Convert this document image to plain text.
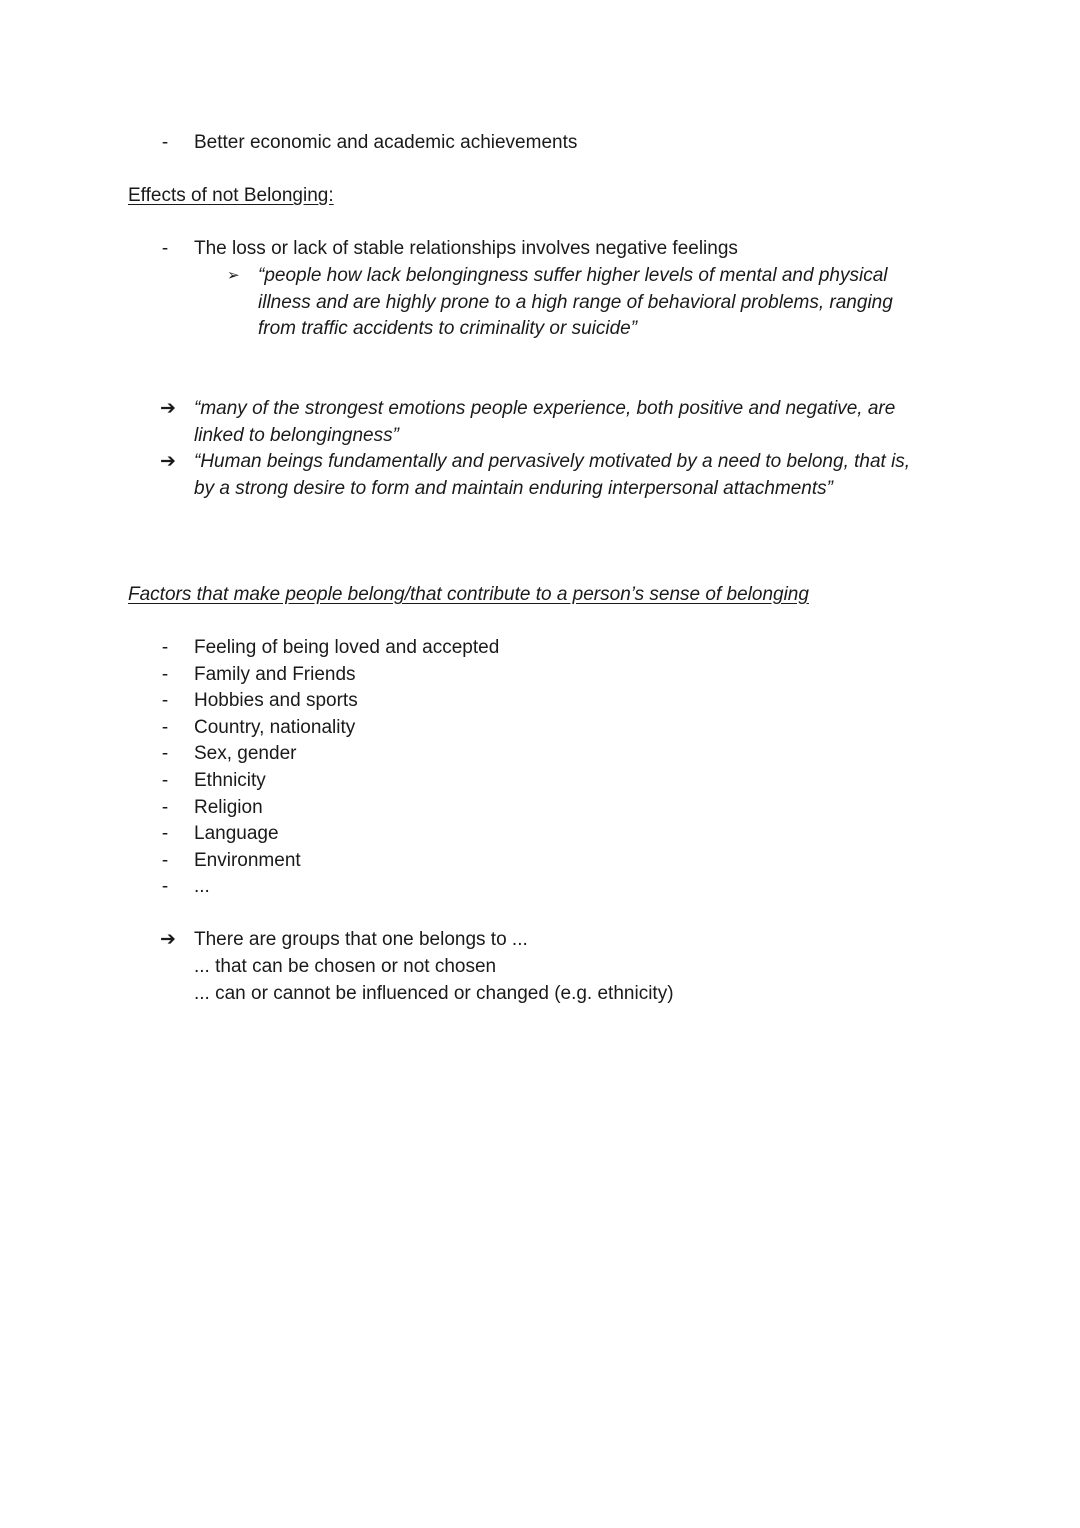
- Better economic and academic achievements
Effects of not Belonging:
- The loss or lack of stable relationships involves negative feelings
➢ “people how lack belongingness suffer higher levels of mental and physical
illness and are highly prone to a high range of behavioral problems, ranging
from traffic accidents to criminality or suicide”
➔ “many of the strongest emotions people experience, both positive and negative, are
linked to belongingness”
➔ “Human beings fundamentally and pervasively motivated by a need to belong, that is,
by a strong desire to form and maintain enduring interpersonal attachments”
Factors that make people belong/that contribute to a person’s sense of belonging
- Feeling of being loved and accepted
- Family and Friends
- Hobbies and sports
- Country, nationality
- Sex, gender
- Ethnicity
- Religion
- Language
- Environment
- ...
➔ There are groups that one belongs to ...
... that can be chosen or not chosen
... can or cannot be influenced or changed (e.g. ethnicity)
